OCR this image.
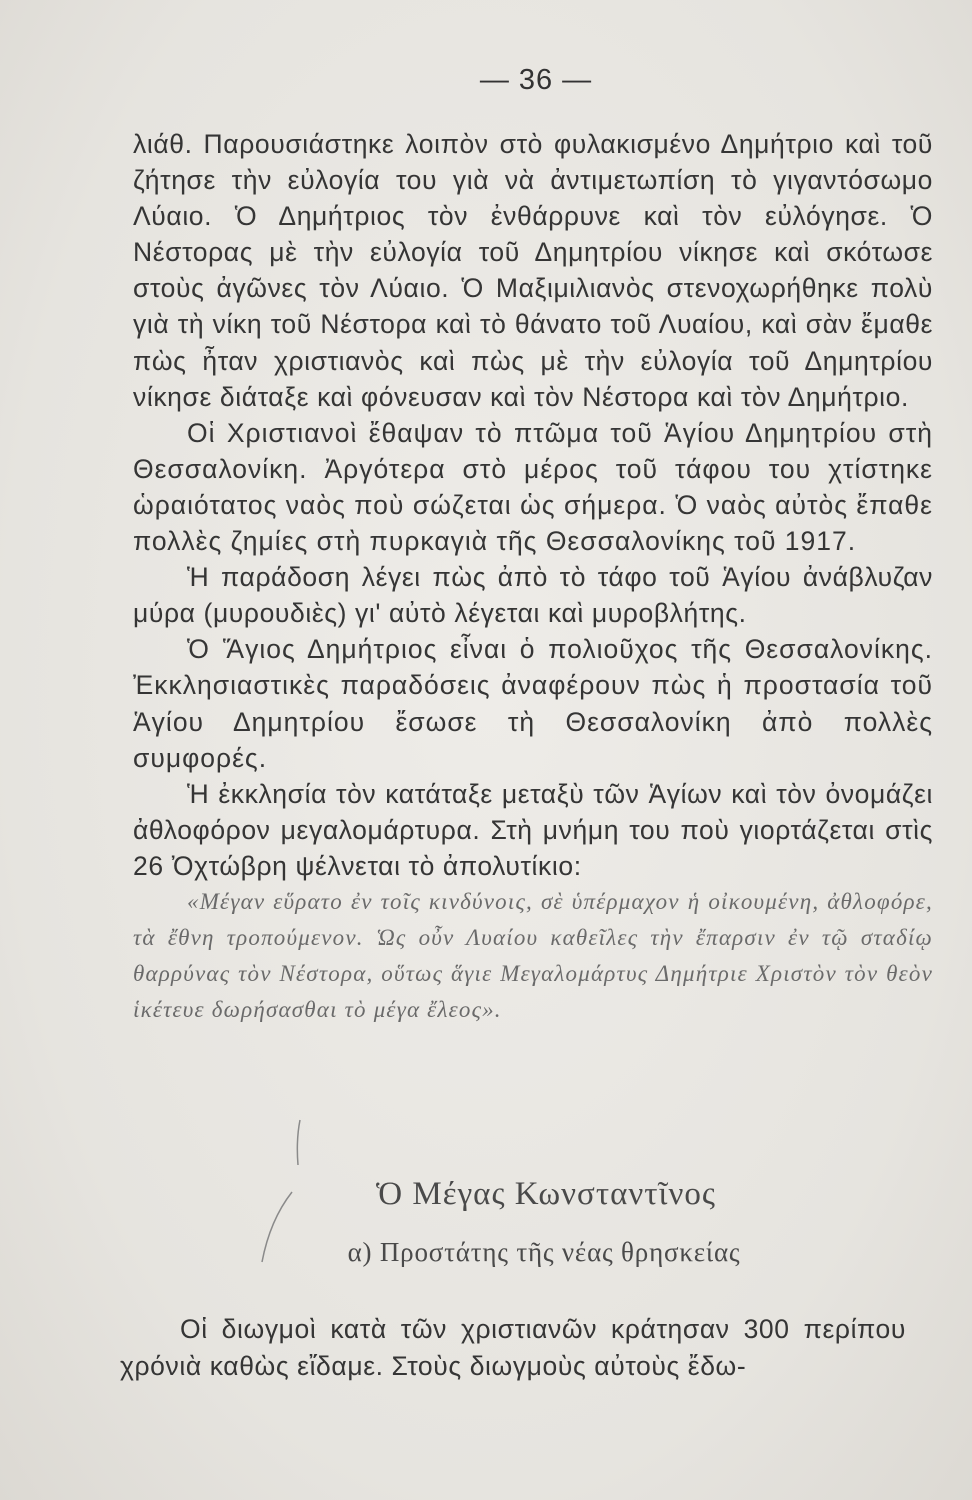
— 36 —

λιάθ. Παρουσιάστηκε λοιπὸν στὸ φυλακισμένο Δημήτριο καὶ τοῦ ζήτησε τὴν εὐλογία του γιὰ νὰ ἀντιμετωπίση τὸ γιγαντόσωμο Λύαιο. Ὁ Δημήτριος τὸν ἐνθάρρυνε καὶ τὸν εὐλόγησε. Ὁ Νέστορας μὲ τὴν εὐλογία τοῦ Δημητρίου νίκησε καὶ σκότωσε στοὺς ἀγῶνες τὸν Λύαιο. Ὁ Μαξιμιλιανὸς στενοχωρήθηκε πολὺ γιὰ τὴ νίκη τοῦ Νέστορα καὶ τὸ θάνατο τοῦ Λυαίου, καὶ σὰν ἔμαθε πὼς ἦταν χριστιανὸς καὶ πὼς μὲ τὴν εὐλογία τοῦ Δημητρίου νίκησε διάταξε καὶ φόνευσαν καὶ τὸν Νέστορα καὶ τὸν Δημήτριο.

Οἱ Χριστιανοὶ ἔθαψαν τὸ πτῶμα τοῦ Ἁγίου Δημητρίου στὴ Θεσσαλονίκη. Ἀργότερα στὸ μέρος τοῦ τάφου του χτίστηκε ὡραιότατος ναὸς ποὺ σώζεται ὡς σήμερα. Ὁ ναὸς αὐτὸς ἔπαθε πολλὲς ζημίες στὴ πυρκαγιὰ τῆς Θεσσαλονίκης τοῦ 1917.

Ἡ παράδοση λέγει πὼς ἀπὸ τὸ τάφο τοῦ Ἁγίου ἀνάβλυζαν μύρα (μυρουδιὲς) γι' αὐτὸ λέγεται καὶ μυροβλήτης.

Ὁ Ἅγιος Δημήτριος εἶναι ὁ πολιοῦχος τῆς Θεσσαλονίκης. Ἐκκλησιαστικὲς παραδόσεις ἀναφέρουν πὼς ἡ προστασία τοῦ Ἁγίου Δημητρίου ἔσωσε τὴ Θεσσαλονίκη ἀπὸ πολλὲς συμφορές.

Ἡ ἐκκλησία τὸν κατάταξε μεταξὺ τῶν Ἁγίων καὶ τὸν ὀνομάζει ἀθλοφόρον μεγαλομάρτυρα. Στὴ μνήμη του ποὺ γιορτάζεται στὶς 26 Ὀχτώβρη ψέλνεται τὸ ἀπολυτίκιο:

«Μέγαν εὕρατο ἐν τοῖς κινδύνοις, σὲ ὑπέρμαχον ἡ οἰκουμένη, ἀθλοφόρε, τὰ ἔθνη τροπούμενον. Ὡς οὖν Λυαίου καθεῖλες τὴν ἔπαρσιν ἐν τῷ σταδίῳ θαρρύνας τὸν Νέστορα, οὕτως ἅγιε Μεγαλομάρτυς Δημήτριε Χριστὸν τὸν θεὸν ἱκέτευε δωρήσασθαι τὸ μέγα ἔλεος».

Ὁ Μέγας Κωνσταντῖνος
α) Προστάτης τῆς νέας θρησκείας

Οἱ διωγμοὶ κατὰ τῶν χριστιανῶν κράτησαν 300 περίπου χρόνιὰ καθὼς εἴδαμε. Στοὺς διωγμοὺς αὐτοὺς ἔδω-
